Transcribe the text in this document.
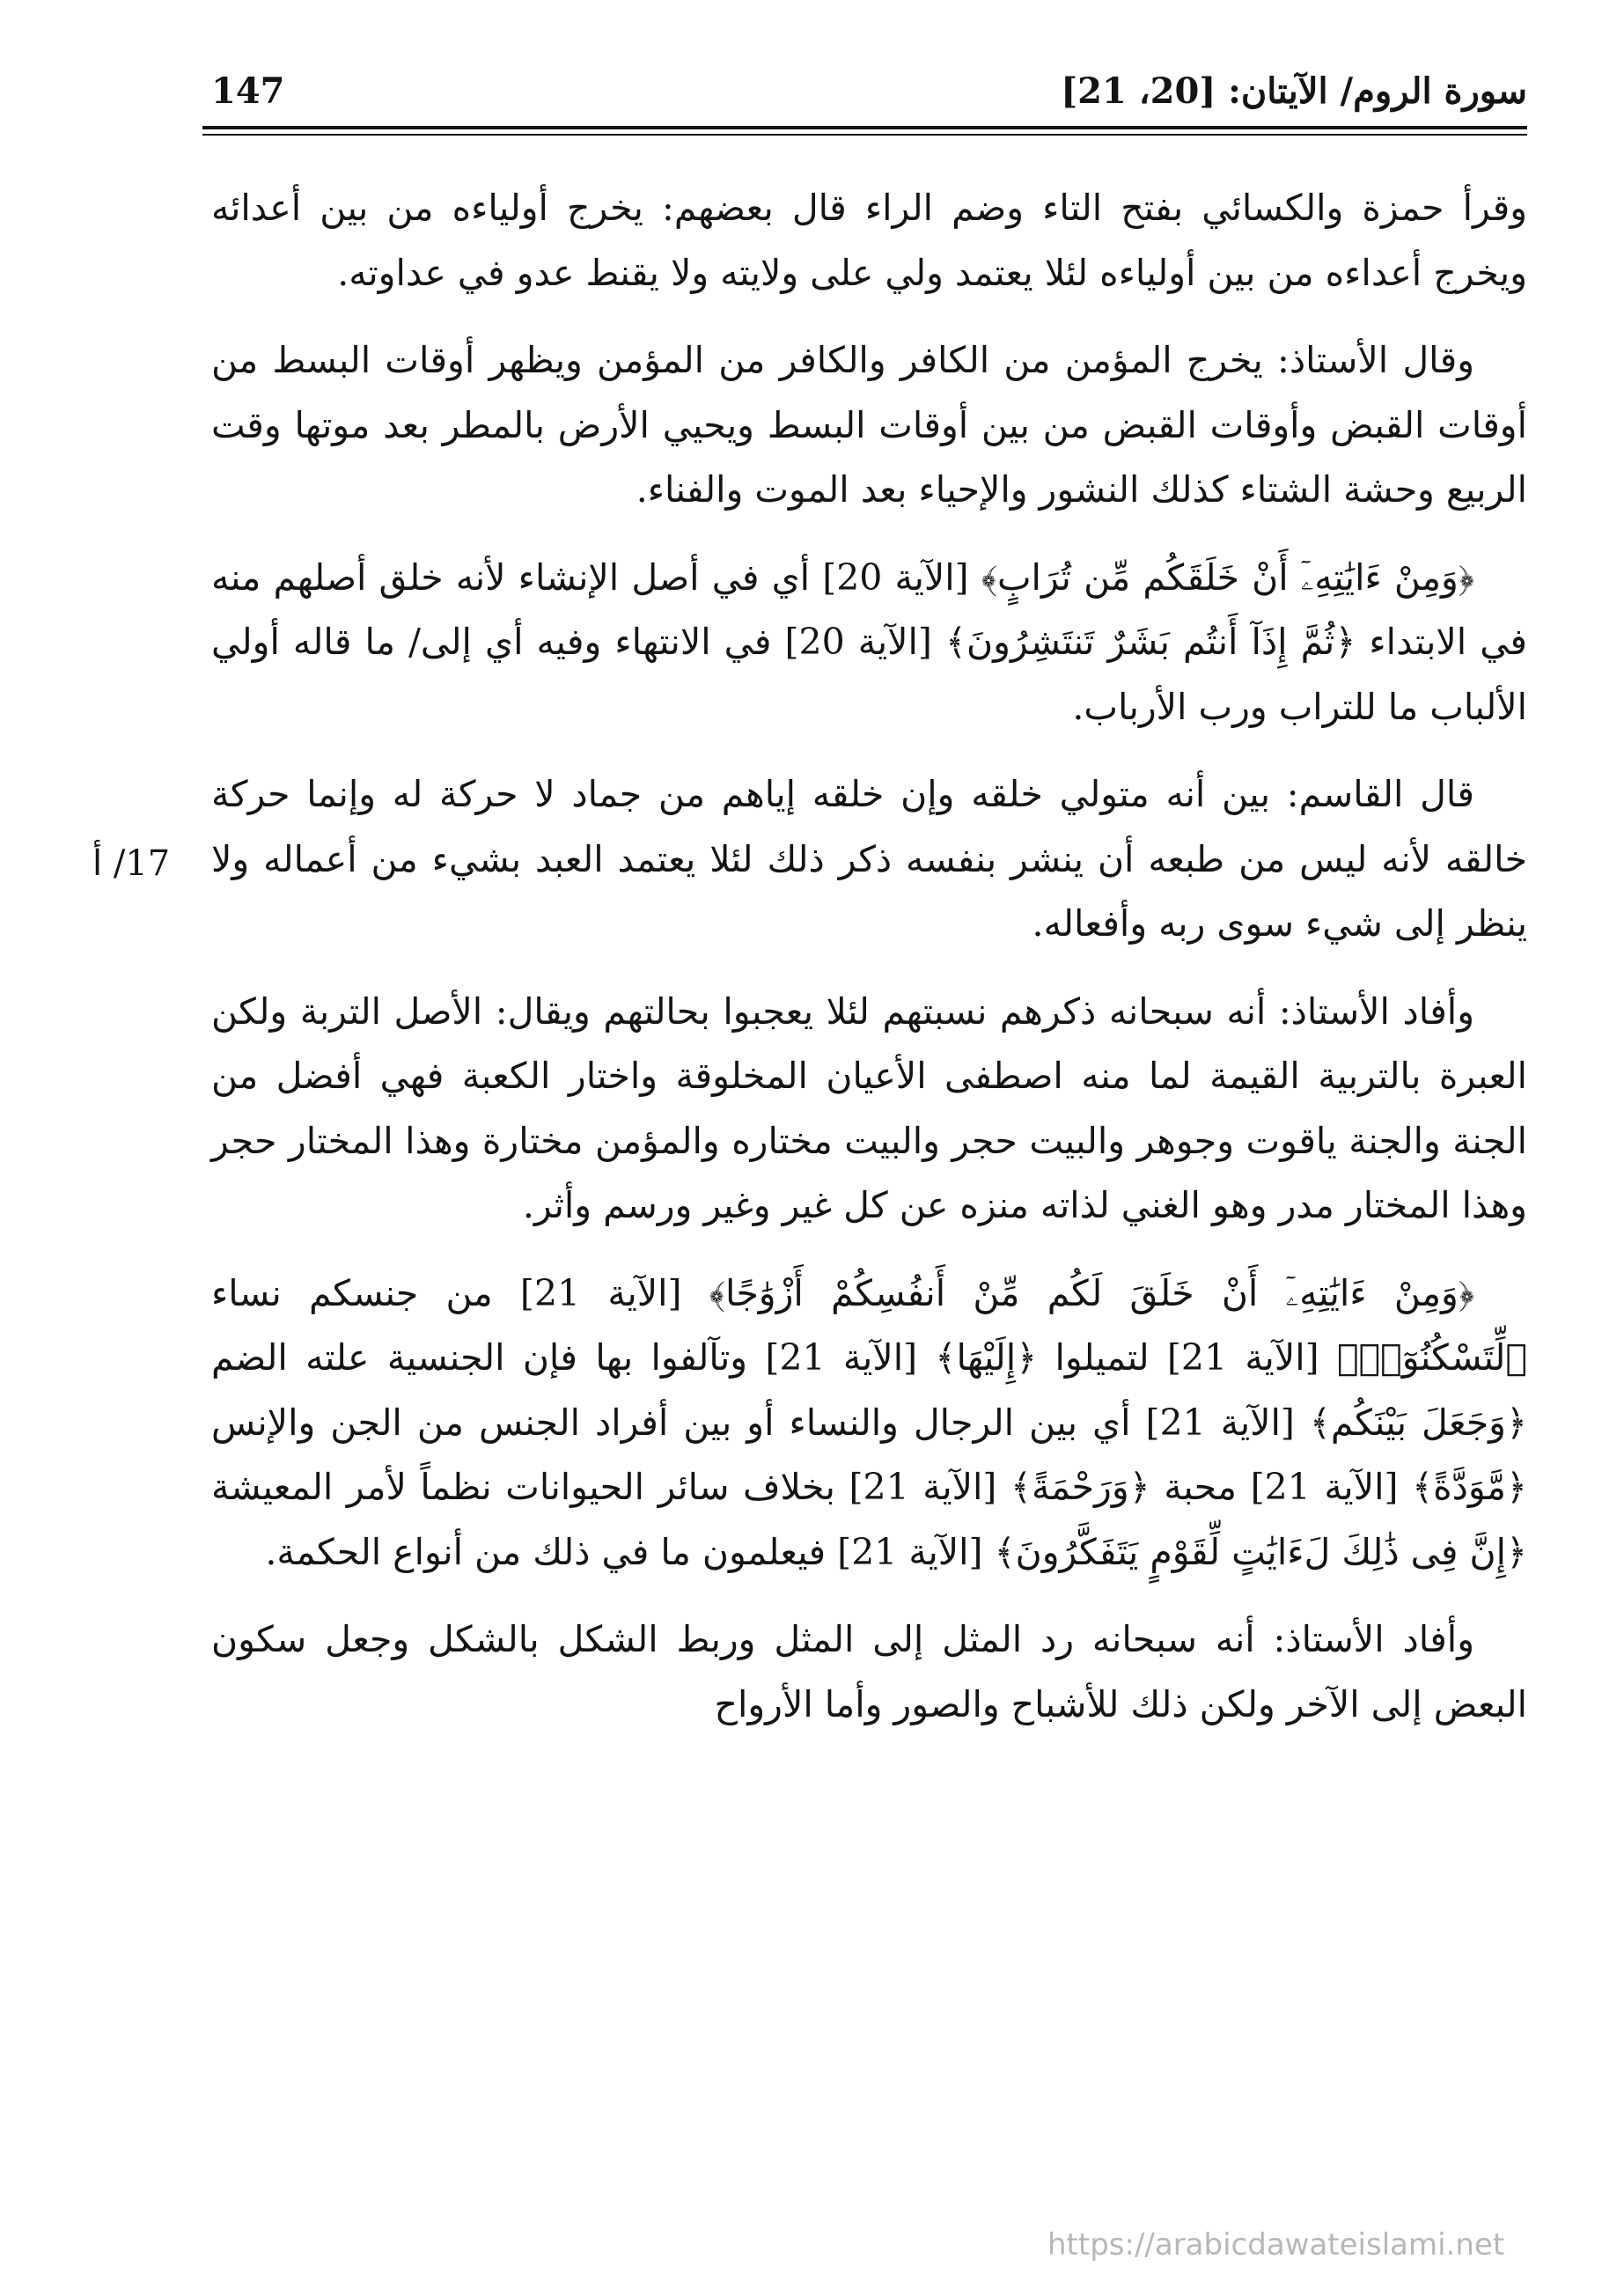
سورة الروم/ الآيتان: [20، 21]
147
17/ أ

وقرأ حمزة والكسائي بفتح التاء وضم الراء قال بعضهم: يخرج أولياءه من بين أعدائه ويخرج أعداءه من بين أولياءه لئلا يعتمد ولي على ولايته ولا يقنط عدو في عداوته.

وقال الأستاذ: يخرج المؤمن من الكافر والكافر من المؤمن ويظهر أوقات البسط من أوقات القبض وأوقات القبض من بين أوقات البسط ويحيي الأرض بالمطر بعد موتها وقت الربيع وحشة الشتاء كذلك النشور والإحياء بعد الموت والفناء.

﴿وَمِنْ ءَايَٰتِهِۦٓ أَنْ خَلَقَكُم مِّن تُرَابٍ﴾ [الآية 20] أي في أصل الإنشاء لأنه خلق أصلهم منه في الابتداء ﴿ثُمَّ إِذَآ أَنتُم بَشَرٌ تَنتَشِرُونَ﴾ [الآية 20] في الانتهاء وفيه أي إلى/ ما قاله أولي الألباب ما للتراب ورب الأرباب.

قال القاسم: بين أنه متولي خلقه وإن خلقه إياهم من جماد لا حركة له وإنما حركة خالقه لأنه ليس من طبعه أن ينشر بنفسه ذكر ذلك لئلا يعتمد العبد بشيء من أعماله ولا ينظر إلى شيء سوى ربه وأفعاله.

وأفاد الأستاذ: أنه سبحانه ذكرهم نسبتهم لئلا يعجبوا بحالتهم ويقال: الأصل التربة ولكن العبرة بالتربية القيمة لما منه اصطفى الأعيان المخلوقة واختار الكعبة فهي أفضل من الجنة والجنة ياقوت وجوهر والبيت حجر والبيت مختاره والمؤمن مختارة وهذا المختار حجر وهذا المختار مدر وهو الغني لذاته منزه عن كل غير وغير ورسم وأثر.

﴿وَمِنْ ءَايَٰتِهِۦٓ أَنْ خَلَقَ لَكُم مِّنْ أَنفُسِكُمْ أَزْوَٰجًا﴾ [الآية 21] من جنسكم نساء ﴿لِّتَسْكُنُوٓا۟﴾ [الآية 21] لتميلوا ﴿إِلَيْهَا﴾ [الآية 21] وتآلفوا بها فإن الجنسية علته الضم ﴿وَجَعَلَ بَيْنَكُم﴾ [الآية 21] أي بين الرجال والنساء أو بين أفراد الجنس من الجن والإنس ﴿مَّوَدَّةً﴾ [الآية 21] محبة ﴿وَرَحْمَةً﴾ [الآية 21] بخلاف سائر الحيوانات نظماً لأمر المعيشة ﴿إِنَّ فِى ذَٰلِكَ لَءَايَٰتٍ لِّقَوْمٍ يَتَفَكَّرُونَ﴾ [الآية 21] فيعلمون ما في ذلك من أنواع الحكمة.

وأفاد الأستاذ: أنه سبحانه رد المثل إلى المثل وربط الشكل بالشكل وجعل سكون البعض إلى الآخر ولكن ذلك للأشباح والصور وأما الأرواح

https://arabicdawateislami.net
